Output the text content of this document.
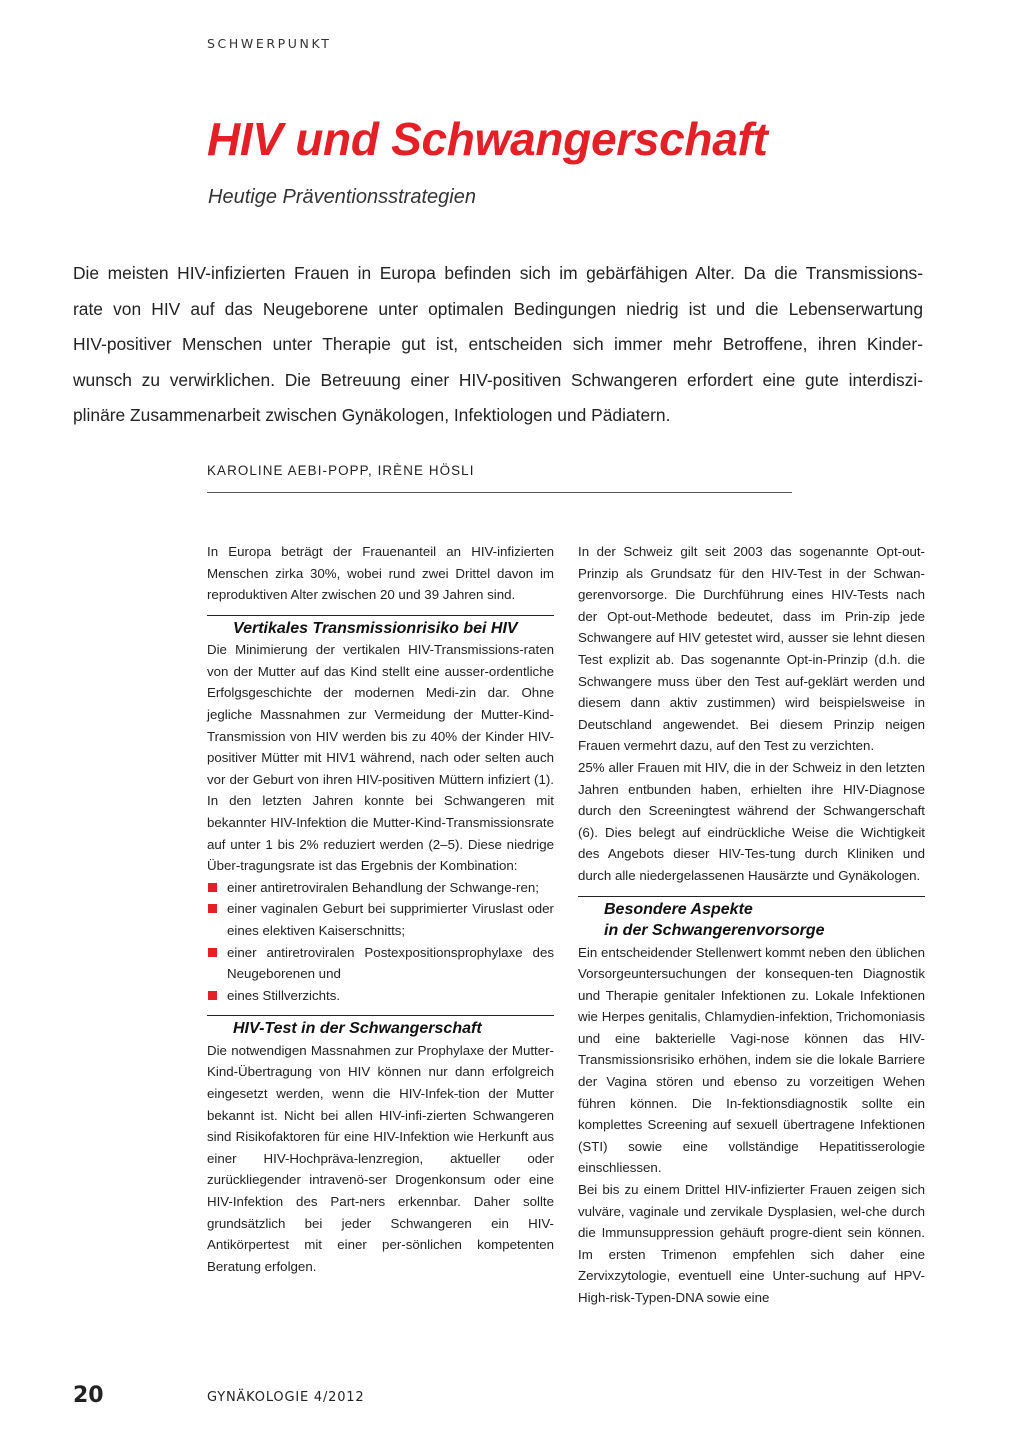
SCHWERPUNKT
HIV und Schwangerschaft
Heutige Präventionsstrategien

Die meisten HIV-infizierten Frauen in Europa befinden sich im gebärfähigen Alter. Da die Transmissions-
rate von HIV auf das Neugeborene unter optimalen Bedingungen niedrig ist und die Lebenserwartung
HIV-positiver Menschen unter Therapie gut ist, entscheiden sich immer mehr Betroffene, ihren Kinder-
wunsch zu verwirklichen. Die Betreuung einer HIV-positiven Schwangeren erfordert eine gute interdiszi-
plinäre Zusammenarbeit zwischen Gynäkologen, Infektiologen und Pädiatern.

KAROLINE AEBI-POPP, IRÈNE HÖSLI

In Europa beträgt der Frauenanteil an HIV-infizierten Menschen zirka 30%, wobei rund zwei Drittel davon im reproduktiven Alter zwischen 20 und 39 Jahren sind.

Vertikales Transmissionrisiko bei HIV

Die Minimierung der vertikalen HIV-Transmissions-raten von der Mutter auf das Kind stellt eine ausser-ordentliche Erfolgsgeschichte der modernen Medi-zin dar. Ohne jegliche Massnahmen zur Vermeidung der Mutter-Kind-Transmission von HIV werden bis zu 40% der Kinder HIV-positiver Mütter mit HIV1 während, nach oder selten auch vor der Geburt von ihren HIV-positiven Müttern infiziert (1). In den letzten Jahren konnte bei Schwangeren mit bekannter HIV-Infektion die Mutter-Kind-Transmissionsrate auf unter 1 bis 2% reduziert werden (2–5). Diese niedrige Über-tragungsrate ist das Ergebnis der Kombination:

einer antiretroviralen Behandlung der Schwange-ren;
einer vaginalen Geburt bei supprimierter Viruslast oder eines elektiven Kaiserschnitts;
einer antiretroviralen Postexpositionsprophylaxe des Neugeborenen und
eines Stillverzichts.
HIV-Test in der Schwangerschaft

Die notwendigen Massnahmen zur Prophylaxe der Mutter-Kind-Übertragung von HIV können nur dann erfolgreich eingesetzt werden, wenn die HIV-Infek-tion der Mutter bekannt ist. Nicht bei allen HIV-infi-zierten Schwangeren sind Risikofaktoren für eine HIV-Infektion wie Herkunft aus einer HIV-Hochpräva-lenzregion, aktueller oder zurückliegender intravenö-ser Drogenkonsum oder eine HIV-Infektion des Part-ners erkennbar. Daher sollte grundsätzlich bei jeder Schwangeren ein HIV-Antikörpertest mit einer per-sönlichen kompetenten Beratung erfolgen.

In der Schweiz gilt seit 2003 das sogenannte Opt-out-Prinzip als Grundsatz für den HIV-Test in der Schwan-gerenvorsorge. Die Durchführung eines HIV-Tests nach der Opt-out-Methode bedeutet, dass im Prin-zip jede Schwangere auf HIV getestet wird, ausser sie lehnt diesen Test explizit ab. Das sogenannte Opt-in-Prinzip (d.h. die Schwangere muss über den Test auf-geklärt werden und diesem dann aktiv zustimmen) wird beispielsweise in Deutschland angewendet. Bei diesem Prinzip neigen Frauen vermehrt dazu, auf den Test zu verzichten.

25% aller Frauen mit HIV, die in der Schweiz in den letzten Jahren entbunden haben, erhielten ihre HIV-Diagnose durch den Screeningtest während der Schwangerschaft (6). Dies belegt auf eindrückliche Weise die Wichtigkeit des Angebots dieser HIV-Tes-tung durch Kliniken und durch alle niedergelassenen Hausärzte und Gynäkologen.

Besondere Aspekte
in der Schwangerenvorsorge

Ein entscheidender Stellenwert kommt neben den üblichen Vorsorgeuntersuchungen der konsequen-ten Diagnostik und Therapie genitaler Infektionen zu. Lokale Infektionen wie Herpes genitalis, Chlamydien-infektion, Trichomoniasis und eine bakterielle Vagi-nose können das HIV-Transmissionsrisiko erhöhen, indem sie die lokale Barriere der Vagina stören und ebenso zu vorzeitigen Wehen führen können. Die In-fektionsdiagnostik sollte ein komplettes Screening auf sexuell übertragene Infektionen (STI) sowie eine vollständige Hepatitisserologie einschliessen.

Bei bis zu einem Drittel HIV-infizierter Frauen zeigen sich vulväre, vaginale und zervikale Dysplasien, wel-che durch die Immunsuppression gehäuft progre-dient sein können. Im ersten Trimenon empfehlen sich daher eine Zervixzytologie, eventuell eine Unter-suchung auf HPV-High-risk-Typen-DNA sowie eine

20	GYNÄKOLOGIE 4/2012
